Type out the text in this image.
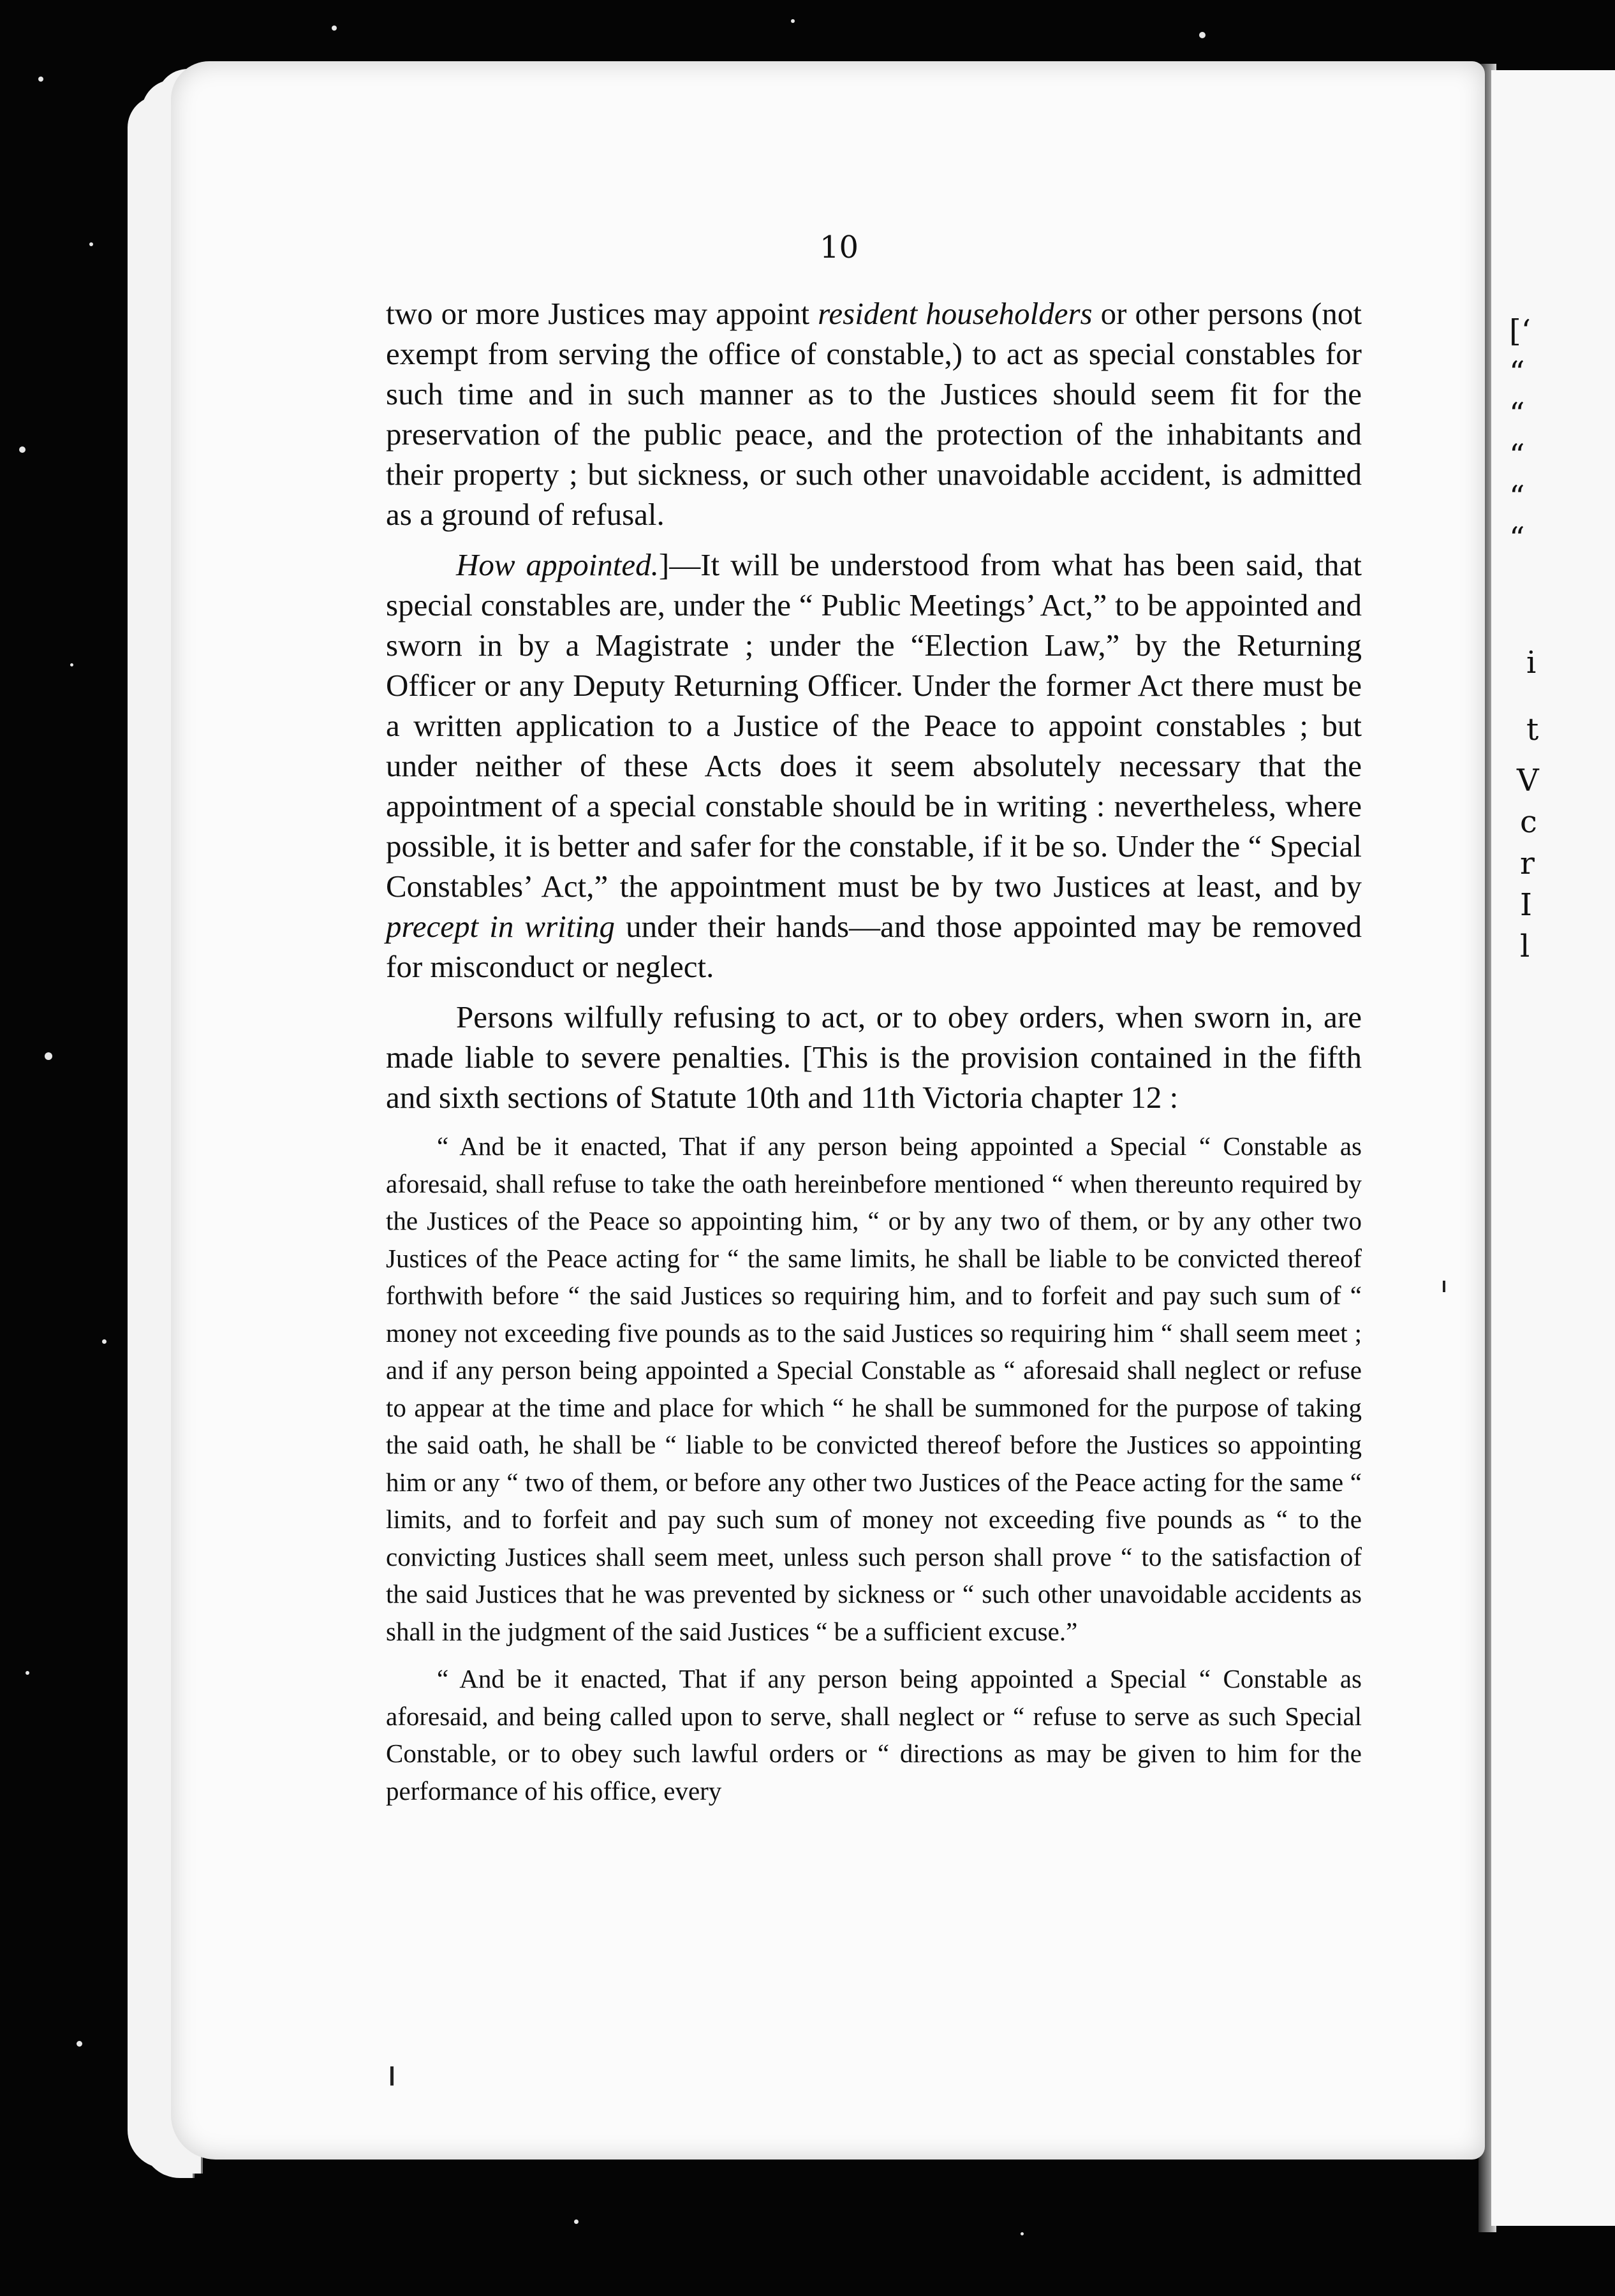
[‘
“
“
“
“
“
i
t
V
c
r
I
l
10

two or more Justices may appoint resident householders or other persons (not exempt from serving the office of constable,) to act as special constables for such time and in such manner as to the Justices should seem fit for the preservation of the public peace, and the protection of the inhabitants and their property ; but sickness, or such other unavoidable accident, is admitted as a ground of refusal.

How appointed.]—It will be understood from what has been said, that special constables are, under the “ Public Meetings’ Act,” to be appointed and sworn in by a Magistrate ; under the “Election Law,” by the Returning Officer or any Deputy Returning Officer. Under the former Act there must be a written application to a Justice of the Peace to appoint constables ; but under neither of these Acts does it seem absolutely necessary that the appointment of a special constable should be in writing : nevertheless, where possible, it is better and safer for the constable, if it be so. Under the “ Special Constables’ Act,” the appointment must be by two Justices at least, and by precept in writing under their hands—and those appointed may be removed for misconduct or neglect.

Persons wilfully refusing to act, or to obey orders, when sworn in, are made liable to severe penalties. [This is the provision contained in the fifth and sixth sections of Statute 10th and 11th Victoria chapter 12 :

“ And be it enacted, That if any person being appointed a Special “ Constable as aforesaid, shall refuse to take the oath hereinbefore mentioned “ when thereunto required by the Justices of the Peace so appointing him, “ or by any two of them, or by any other two Justices of the Peace acting for “ the same limits, he shall be liable to be convicted thereof forthwith before “ the said Justices so requiring him, and to forfeit and pay such sum of “ money not exceeding five pounds as to the said Justices so requiring him “ shall seem meet ; and if any person being appointed a Special Constable as “ aforesaid shall neglect or refuse to appear at the time and place for which “ he shall be summoned for the purpose of taking the said oath, he shall be “ liable to be convicted thereof before the Justices so appointing him or any “ two of them, or before any other two Justices of the Peace acting for the same “ limits, and to forfeit and pay such sum of money not exceeding five pounds as “ to the convicting Justices shall seem meet, unless such person shall prove “ to the satisfaction of the said Justices that he was prevented by sickness or “ such other unavoidable accidents as shall in the judgment of the said Justices “ be a sufficient excuse.”

“ And be it enacted, That if any person being appointed a Special “ Constable as aforesaid, and being called upon to serve, shall neglect or “ refuse to serve as such Special Constable, or to obey such lawful orders or “ directions as may be given to him for the performance of his office, every
